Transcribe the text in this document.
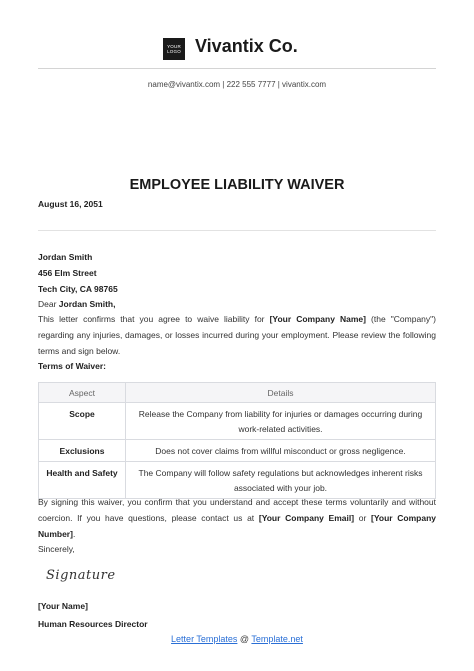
YOUR LOGO Vivantix Co.
name@vivantix.com | 222 555 7777 | vivantix.com
EMPLOYEE LIABILITY WAIVER
August 16, 2051
Jordan Smith
456 Elm Street
Tech City, CA 98765
Dear Jordan Smith,
This letter confirms that you agree to waive liability for [Your Company Name] (the "Company") regarding any injuries, damages, or losses incurred during your employment. Please review the following terms and sign below.
Terms of Waiver:
Aspect	Details
Scope	Release the Company from liability for injuries or damages occurring during work-related activities.
Exclusions	Does not cover claims from willful misconduct or gross negligence.
Health and Safety	The Company will follow safety regulations but acknowledges inherent risks associated with your job.
By signing this waiver, you confirm that you understand and accept these terms voluntarily and without coercion. If you have questions, please contact us at [Your Company Email] or [Your Company Number].
Sincerely,
Signature
[Your Name]
Human Resources Director
Letter Templates @ Template.net
